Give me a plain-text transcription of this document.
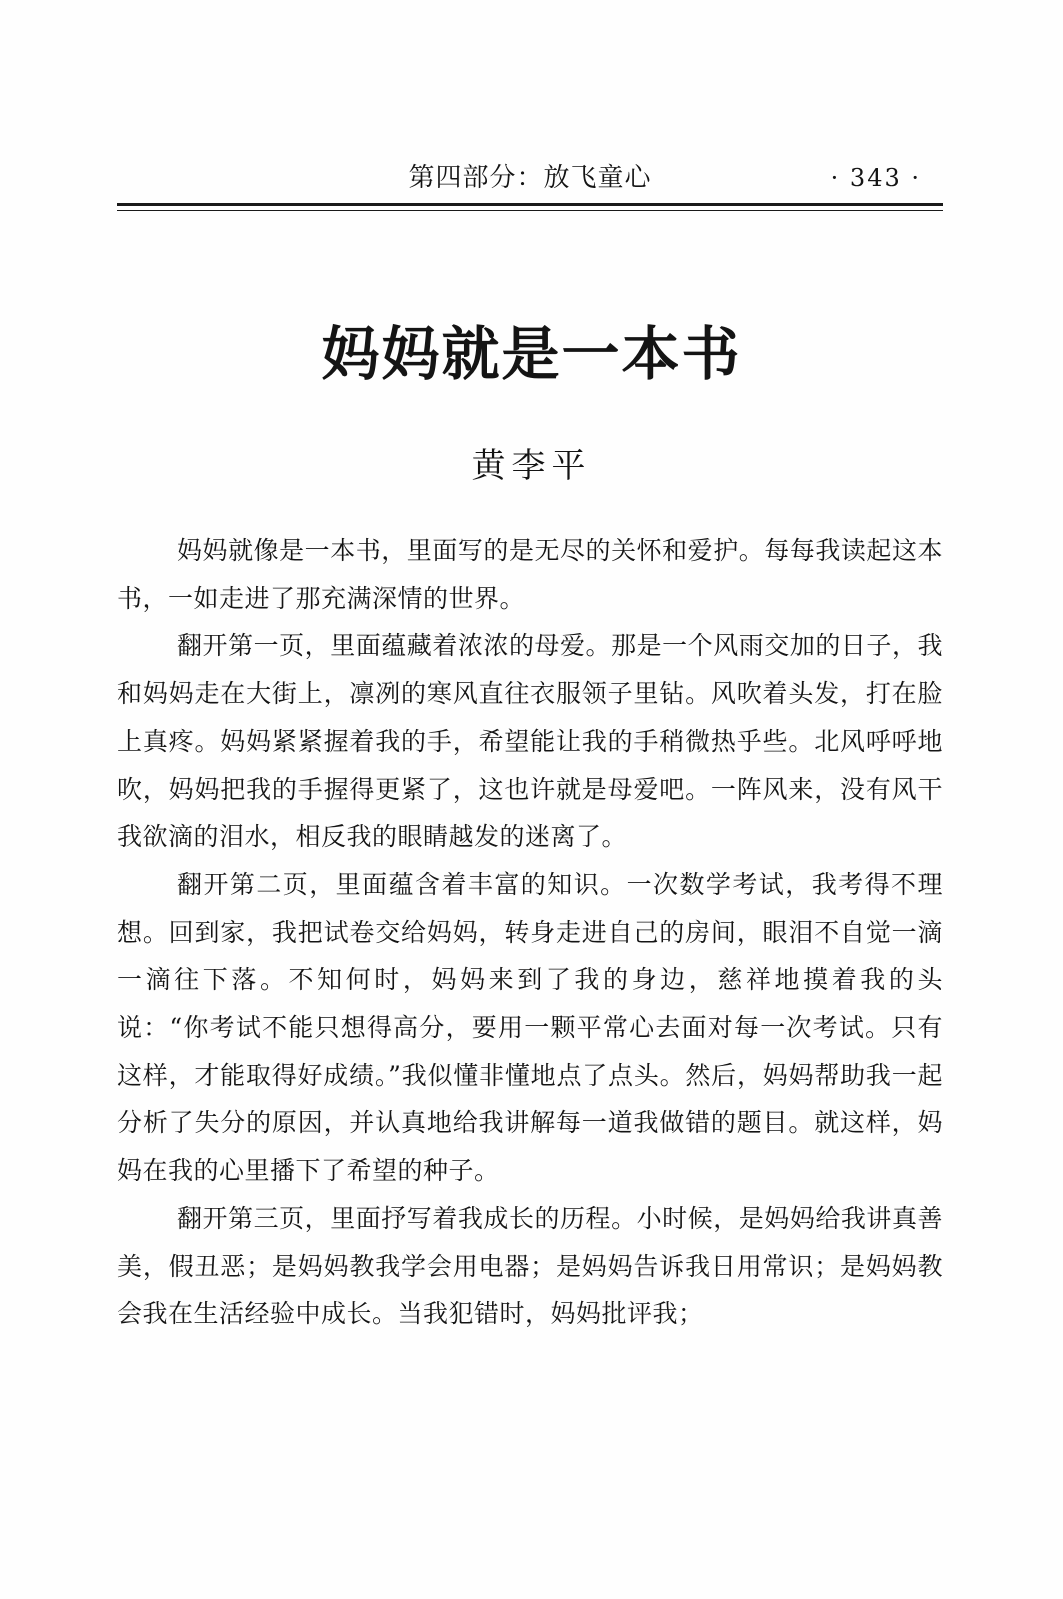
第四部分：放飞童心	· 343 ·
妈妈就是一本书
黄李平

妈妈就像是一本书，里面写的是无尽的关怀和爱护。每每我读起这本书，一如走进了那充满深情的世界。

翻开第一页，里面蕴藏着浓浓的母爱。那是一个风雨交加的日子，我和妈妈走在大街上，凛冽的寒风直往衣服领子里钻。风吹着头发，打在脸上真疼。妈妈紧紧握着我的手，希望能让我的手稍微热乎些。北风呼呼地吹，妈妈把我的手握得更紧了，这也许就是母爱吧。一阵风来，没有风干我欲滴的泪水，相反我的眼睛越发的迷离了。

翻开第二页，里面蕴含着丰富的知识。一次数学考试，我考得不理想。回到家，我把试卷交给妈妈，转身走进自己的房间，眼泪不自觉一滴一滴往下落。不知何时，妈妈来到了我的身边，慈祥地摸着我的头说：“你考试不能只想得高分，要用一颗平常心去面对每一次考试。只有这样，才能取得好成绩。”我似懂非懂地点了点头。然后，妈妈帮助我一起分析了失分的原因，并认真地给我讲解每一道我做错的题目。就这样，妈妈在我的心里播下了希望的种子。

翻开第三页，里面抒写着我成长的历程。小时候，是妈妈给我讲真善美，假丑恶；是妈妈教我学会用电器；是妈妈告诉我日用常识；是妈妈教会我在生活经验中成长。当我犯错时，妈妈批评我；
